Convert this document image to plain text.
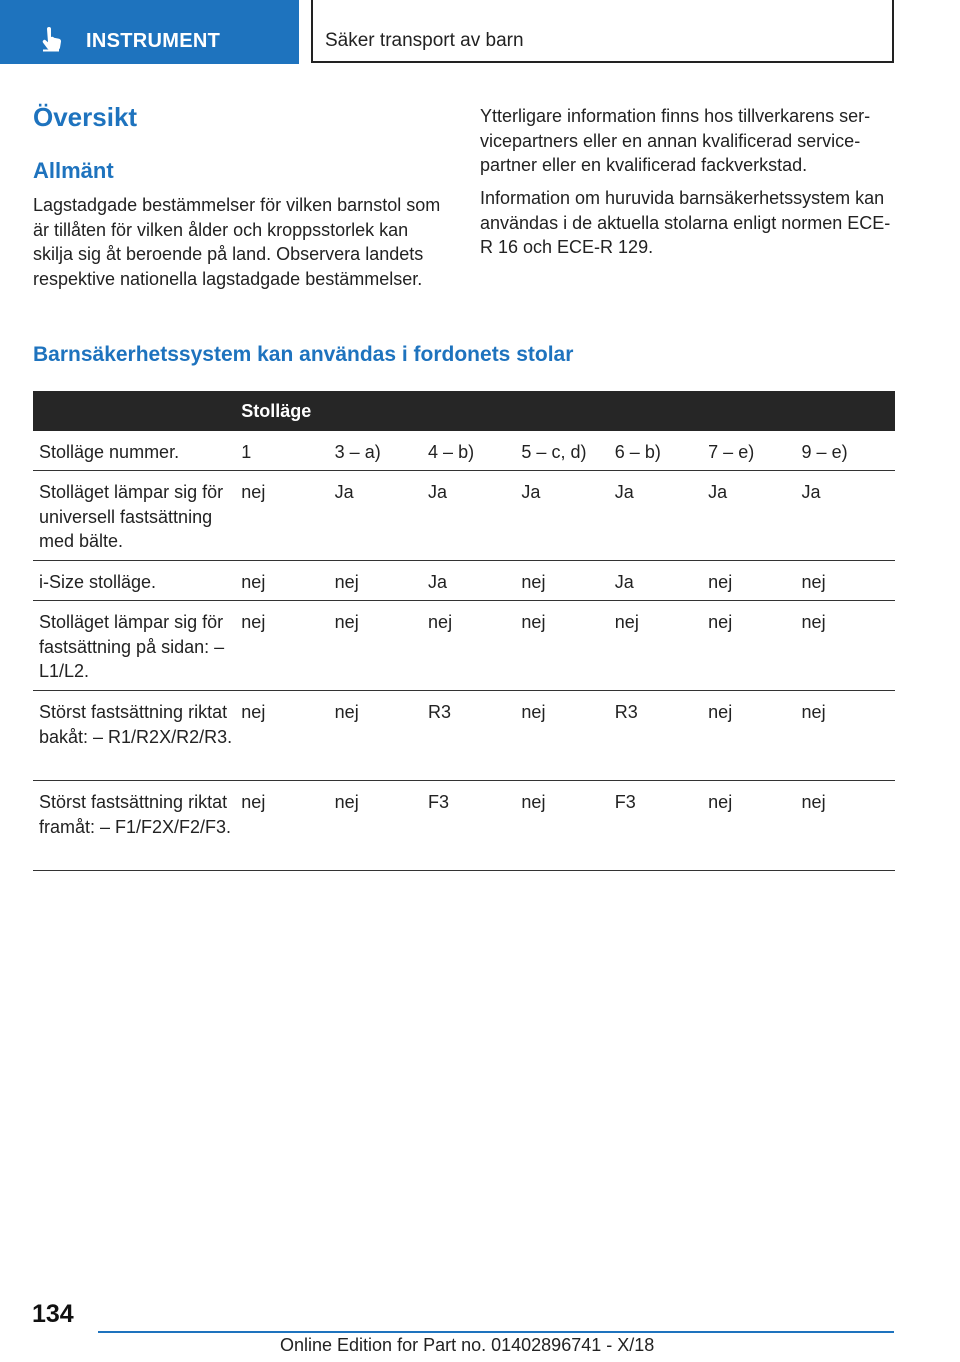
INSTRUMENT	Säker transport av barn
Översikt
Allmänt

Lagstadgade bestämmelser för vilken barnstol som är tillåten för vilken ålder och kroppsstorlek kan skilja sig åt beroende på land. Observera landets respektive nationella lagstadgade bestämmelser.

Ytterligare information finns hos tillverkarens servicepartners eller en annan kvalificerad servicepartner eller en kvalificerad fackverkstad.

Information om huruvida barnsäkerhetssystem kan användas i de aktuella stolarna enligt normen ECE-R 16 och ECE-R 129.

Barnsäkerhetssystem kan användas i fordonets stolar
	Stolläge						
Stolläge nummer.	1	3 – a)	4 – b)	5 – c, d)	6 – b)	7 – e)	9 – e)
Stolläget lämpar sig för universell fastsättning med bälte.	nej	Ja	Ja	Ja	Ja	Ja	Ja
i-Size stolläge.	nej	nej	Ja	nej	Ja	nej	nej
Stolläget lämpar sig för fastsättning på sidan: – L1/L2.	nej	nej	nej	nej	nej	nej	nej
Störst fastsättning riktat bakåt: – R1/R2X/R2/R3.	nej	nej	R3	nej	R3	nej	nej
Störst fastsättning riktat framåt: – F1/F2X/F2/F3.	nej	nej	F3	nej	F3	nej	nej
134
Online Edition for Part no. 01402896741 - X/18
